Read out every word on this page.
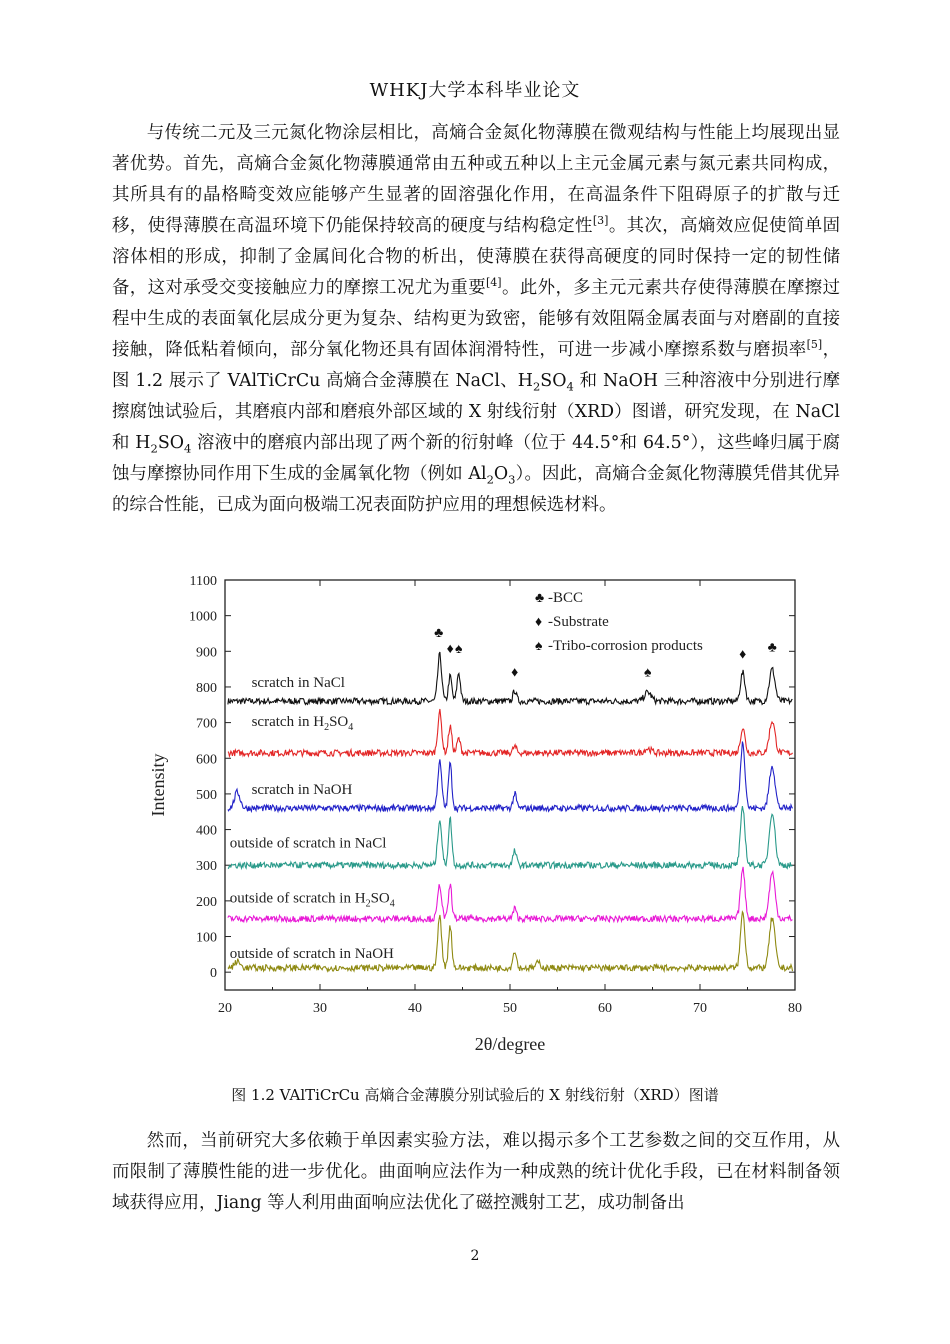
WHKJ大学本科毕业论文

与传统二元及三元氮化物涂层相比，高熵合金氮化物薄膜在微观结构与性能上均展现出显著优势。首先，高熵合金氮化物薄膜通常由五种或五种以上主元金属元素与氮元素共同构成，其所具有的晶格畸变效应能够产生显著的固溶强化作用，在高温条件下阻碍原子的扩散与迁移，使得薄膜在高温环境下仍能保持较高的硬度与结构稳定性[3]。其次，高熵效应促使简单固溶体相的形成，抑制了金属间化合物的析出，使薄膜在获得高硬度的同时保持一定的韧性储备，这对承受交变接触应力的摩擦工况尤为重要[4]。此外，多主元元素共存使得薄膜在摩擦过程中生成的表面氧化层成分更为复杂、结构更为致密，能够有效阻隔金属表面与对磨副的直接接触，降低粘着倾向，部分氧化物还具有固体润滑特性，可进一步减小摩擦系数与磨损率[5]，图 1.2 展示了 VAlTiCrCu 高熵合金薄膜在 NaCl、$H_2SO_4$ 和 NaOH 三种溶液中分别进行摩擦腐蚀试验后，其磨痕内部和磨痕外部区域的 X 射线衍射（XRD）图谱，研究发现，在 NaCl 和 $H_2SO_4$ 溶液中的磨痕内部出现了两个新的衍射峰（位于 44.5°和 64.5°），这些峰归属于腐蚀与摩擦协同作用下生成的金属氧化物（例如 $Al_2O_3$）。因此，高熵合金氮化物薄膜凭借其优异的综合性能，已成为面向极端工况表面防护应用的理想候选材料。

20	30	40	50	60	70	80
0
100
200
300
400
500
600
700
800
900
1000
1100
2θ/degree
Intensity
scratch in NaCl
scratch in $H_2SO_4$
scratch in NaOH
outside of scratch in NaCl
outside of scratch in $H_2SO_4$
outside of scratch in NaOH
♣
♦ ♠
♦	♠
♦ ♣
♣ -BCC
♦ -Substrate
♠ -Tribo-corrosion products
图 1.2 VAlTiCrCu 高熵合金薄膜分别试验后的 X 射线衍射（XRD）图谱

然而，当前研究大多依赖于单因素实验方法，难以揭示多个工艺参数之间的交互作用，从而限制了薄膜性能的进一步优化。曲面响应法作为一种成熟的统计优化手段，已在材料制备领域获得应用，Jiang 等人利用曲面响应法优化了磁控溅射工艺，成功制备出

2
